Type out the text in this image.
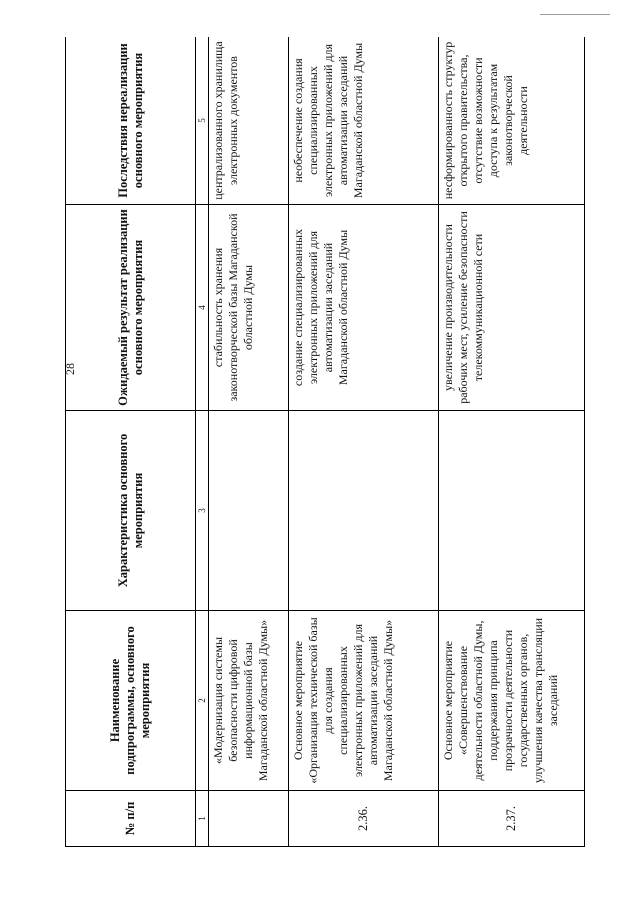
28
№ п/п	Наименование подпрограммы, основного мероприятия	Характеристика основного мероприятия	Ожидаемый результат реализации основного мероприятия	Последствия нереализации основного мероприятия
1	2	3	4	5
	«Модернизация системы безопасности цифровой информационной базы Магаданской областной Думы»		стабильность хранения законотворческой базы Магаданской областной Думы	централизованного хранилища электронных документов
2.36.	Основное мероприятие «Организация технической базы для создания специализированных электронных приложений для автоматизации заседаний Магаданской областной Думы»		создание специализированных электронных приложений для автоматизации заседаний Магаданской областной Думы	необеспечение создания специализированных электронных приложений для автоматизации заседаний Магаданской областной Думы
2.37.	Основное мероприятие «Совершенствование деятельности областной Думы, поддержания принципа прозрачности деятельности государственных органов, улучшения качества трансляции заседаний		увеличение производительности рабочих мест, усиление безопасности телекоммуникационной сети	несформированность структур открытого правительства, отсутствие возможности доступа к результатам законотворческой деятельности
